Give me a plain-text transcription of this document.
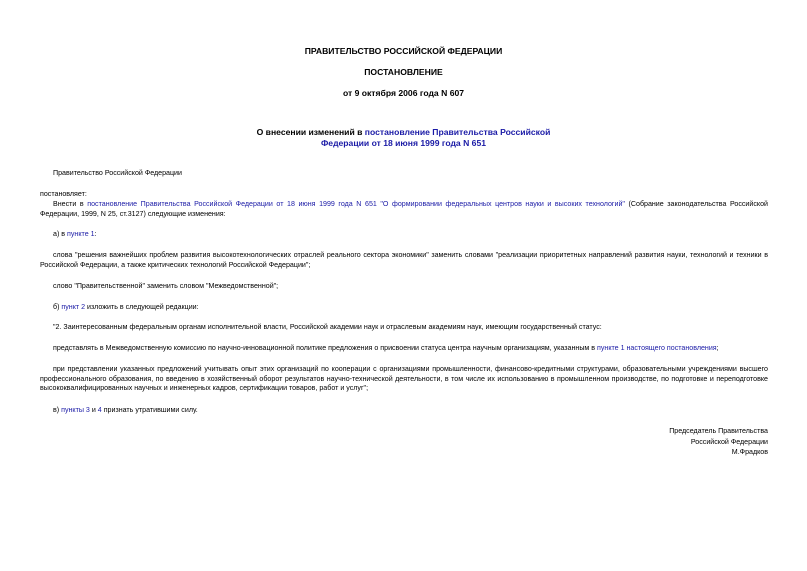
ПРАВИТЕЛЬСТВО РОССИЙСКОЙ ФЕДЕРАЦИИ
ПОСТАНОВЛЕНИЕ
от 9 октября 2006 года N 607
О внесении изменений в постановление Правительства Российской
Федерации от 18 июня 1999 года N 651
Правительство Российской Федерации
постановляет:
Внести в постановление Правительства Российской Федерации от 18 июня 1999 года N 651 "О формировании федеральных центров науки и высоких технологий" (Собрание законодательства Российской Федерации, 1999, N 25, ст.3127) следующие изменения:
а) в пункте 1:
слова "решения важнейших проблем развития высокотехнологических отраслей реального сектора экономики" заменить словами "реализации приоритетных направлений развития науки, технологий и техники в Российской Федерации, а также критических технологий Российской Федерации";
слово "Правительственной" заменить словом "Межведомственной";
б) пункт 2 изложить в следующей редакции:
"2. Заинтересованным федеральным органам исполнительной власти, Российской академии наук и отраслевым академиям наук, имеющим государственный статус:
представлять в Межведомственную комиссию по научно-инновационной политике предложения о присвоении статуса центра научным организациям, указанным в пункте 1 настоящего постановления;
при представлении указанных предложений учитывать опыт этих организаций по кооперации с организациями промышленности, финансово-кредитными структурами, образовательными учреждениями высшего профессионального образования, по введению в хозяйственный оборот результатов научно-технической деятельности, в том числе их использованию в промышленном производстве, по подготовке и переподготовке высококвалифицированных научных и инженерных кадров, сертификации товаров, работ и услуг";
в) пункты 3 и 4 признать утратившими силу.
Председатель Правительства
Российской Федерации
М.Фрадков
